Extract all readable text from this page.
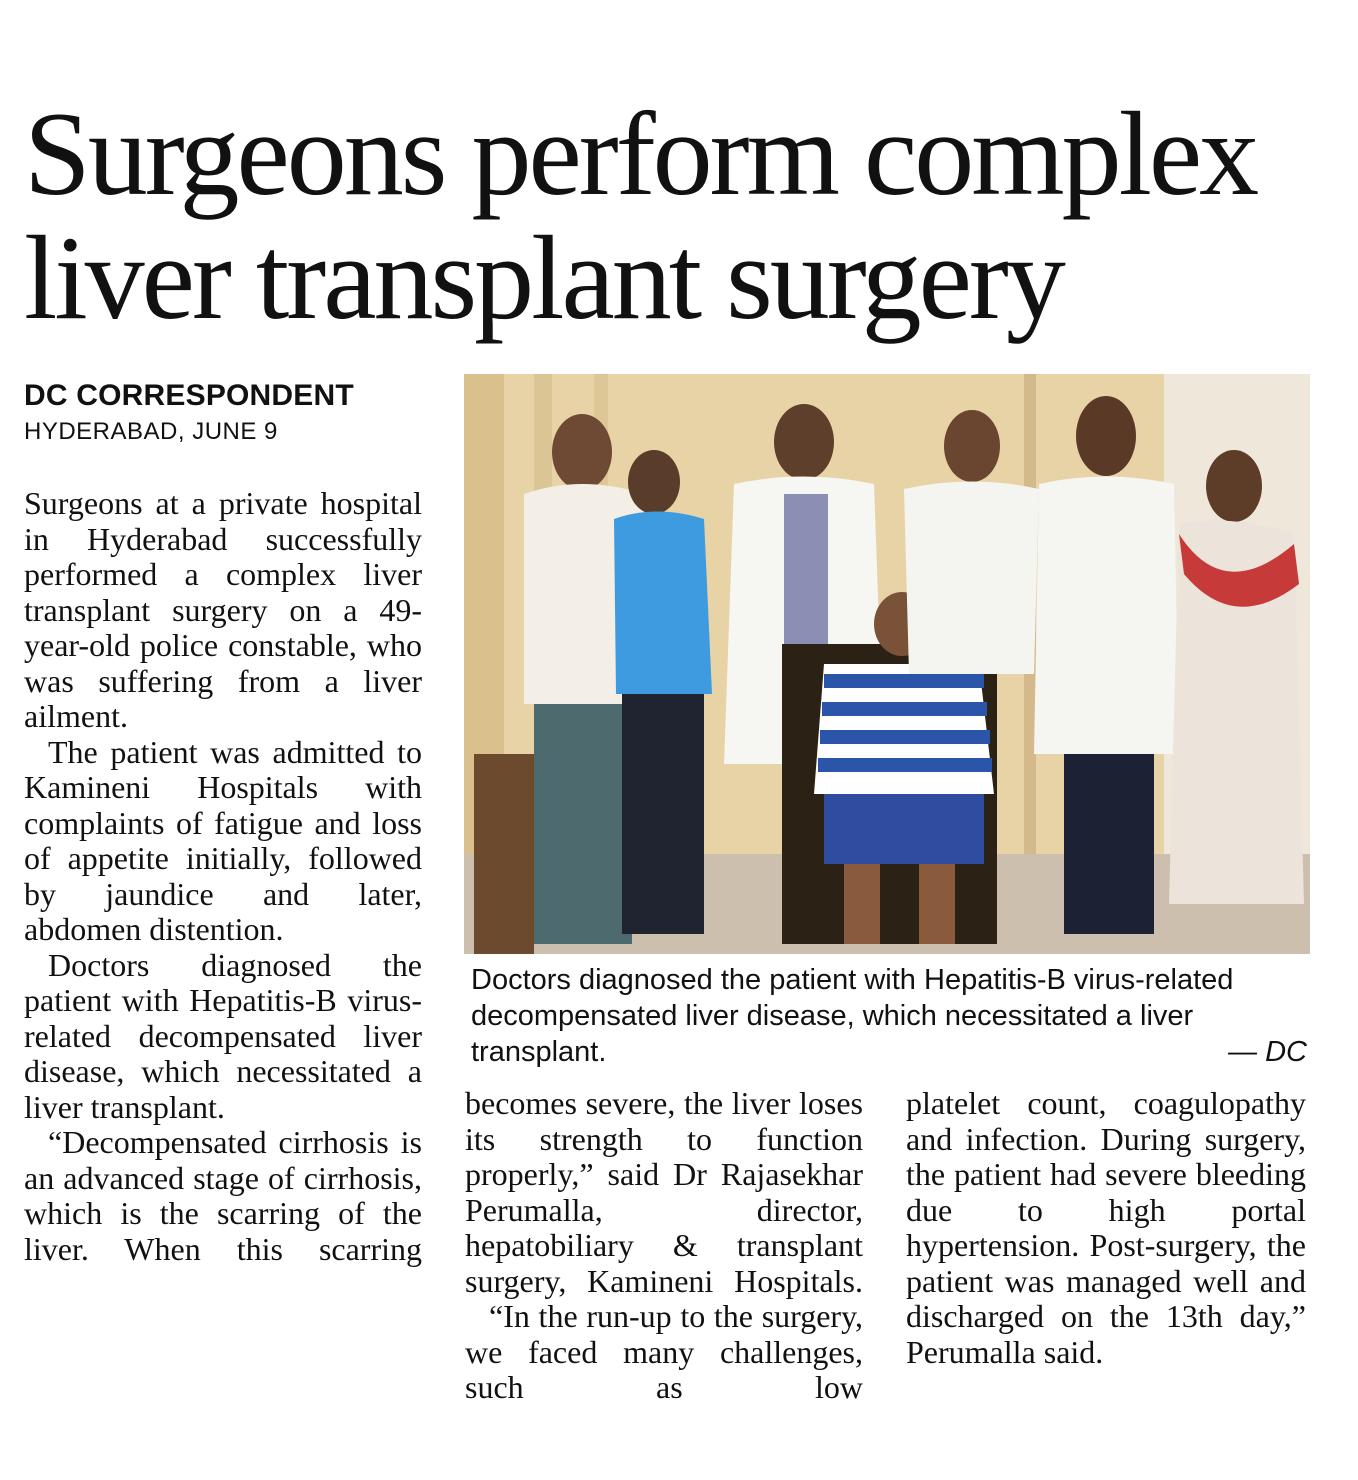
Surgeons perform complex
liver transplant surgery
DC CORRESPONDENT
HYDERABAD, JUNE 9

Surgeons at a private hospital in Hyderabad successfully performed a complex liver transplant surgery on a 49-year-old police constable, who was suffering from a liver ailment.

The patient was admitted to Kamineni Hospitals with complaints of fatigue and loss of appetite initially, followed by jaundice and later, abdomen distention.

Doctors diagnosed the patient with Hepatitis-B virus-related decompensated liver disease, which necessitated a liver transplant.

“Decompensated cirrhosis is an advanced stage of cirrhosis, which is the scarring of the liver. When this scarring

Doctors diagnosed the patient with Hepatitis-B virus-related decompensated liver disease, which necessitated a liver transplant.	— DC

becomes severe, the liver loses its strength to function properly,” said Dr Rajasekhar Perumalla, director, hepatobiliary & transplant surgery, Kamineni Hospitals.

“In the run-up to the surgery, we faced many challenges, such as low

platelet count, coagulopathy and infection. During surgery, the patient had severe bleeding due to high portal hypertension. Post-surgery, the patient was managed well and discharged on the 13th day,” Perumalla said.
